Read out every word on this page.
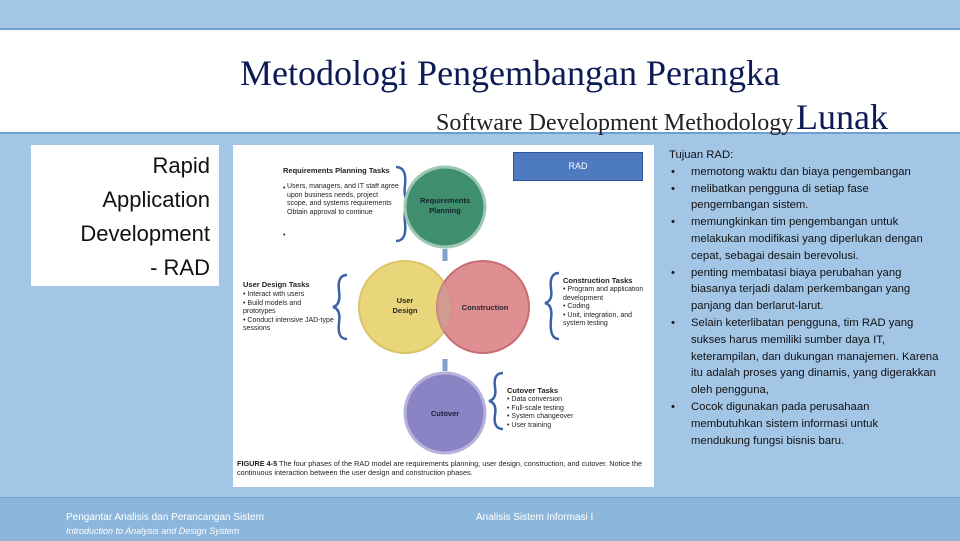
Metodologi Pengembangan Perangka
Lunak
Software Development Methodology
Rapid
Application
Development
- RAD
Requirements Planning Tasks
• Users, managers, and IT staff agree upon business needs, project scope, and systems requirements
Obtain approval to continue
•
Requirements
Planning
User
Design	Construction
User Design Tasks
• Interact with users
• Build models and prototypes
• Conduct intensive JAD-type sessions
Construction Tasks
• Program and application development
• Coding
• Unit, integration, and system testing
Cutover
Cutover Tasks
• Data conversion
• Full-scale testing
• System changeover
• User training
FIGURE 4-5 The four phases of the RAD model are requirements planning, user design, construction, and cutover. Notice the continuous interaction between the user design and construction phases.
RAD
Tujuan RAD:
• memotong waktu dan biaya pengembangan
• melibatkan pengguna di setiap fase pengembangan sistem.
• memungkinkan tim pengembangan untuk melakukan modifikasi yang diperlukan dengan cepat, sebagai desain berevolusi.
• penting membatasi biaya perubahan yang biasanya terjadi dalam perkembangan yang panjang dan berlarut-larut.
• Selain keterlibatan pengguna, tim RAD yang sukses harus memiliki sumber daya IT, keterampilan, dan dukungan manajemen. Karena itu adalah proses yang dinamis, yang digerakkan oleh pengguna,
• Cocok digunakan pada perusahaan membutuhkan sistem informasi untuk mendukung fungsi bisnis baru.
Pengantar Analisis dan Perancangan Sistem
Introduction to Analysis and Design System
Analisis Sistem Informasi I
